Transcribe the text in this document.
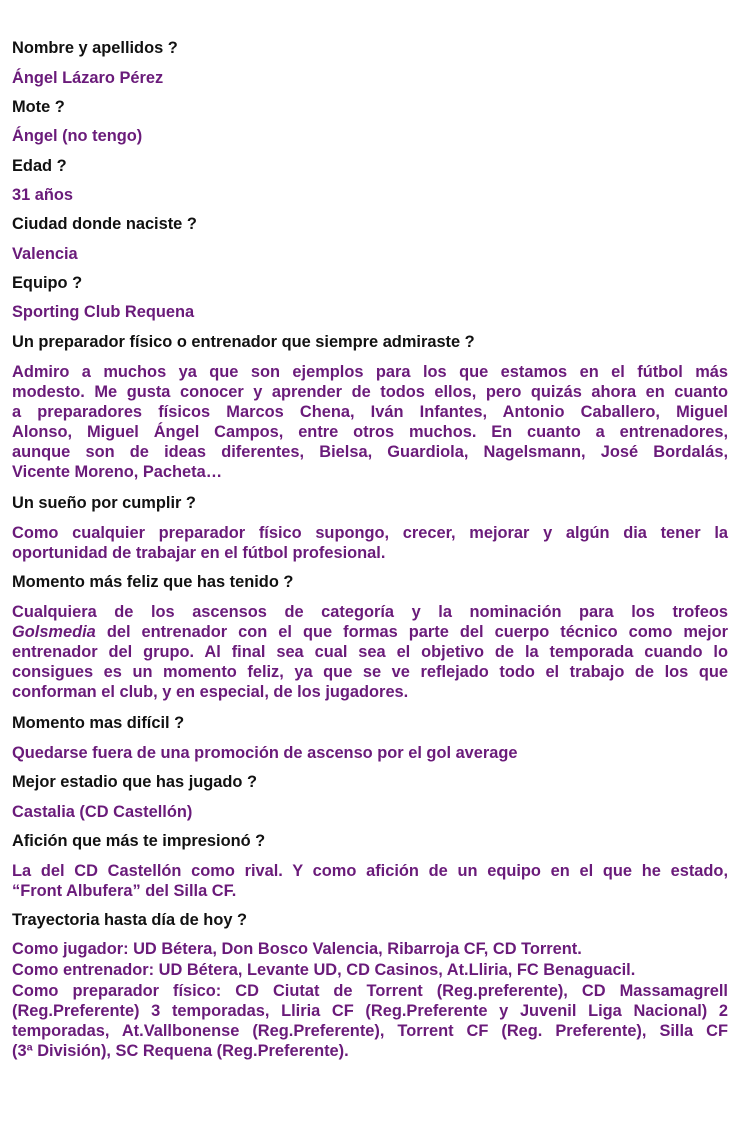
Nombre y apellidos ?

Ángel Lázaro Pérez

Mote ?

Ángel (no tengo)

Edad ?

31 años

Ciudad donde naciste ?

Valencia

Equipo ?

Sporting Club Requena

Un preparador físico o entrenador que siempre admiraste ?

Admiro a muchos ya que son ejemplos para los que estamos en el fútbol más
modesto. Me gusta conocer y aprender de todos ellos, pero quizás ahora en cuanto
a preparadores físicos Marcos Chena, Iván Infantes, Antonio Caballero, Miguel
Alonso, Miguel Ángel Campos, entre otros muchos. En cuanto a entrenadores,
aunque son de ideas diferentes, Bielsa, Guardiola, Nagelsmann, José Bordalás,
Vicente Moreno, Pacheta…

Un sueño por cumplir ?

Como cualquier preparador físico supongo, crecer, mejorar y algún dia tener la
oportunidad de trabajar en el fútbol profesional.

Momento más feliz que has tenido ?

Cualquiera de los ascensos de categoría y la nominación para los trofeos
Golsmedia del entrenador con el que formas parte del cuerpo técnico como mejor
entrenador del grupo. Al final sea cual sea el objetivo de la temporada cuando lo
consigues es un momento feliz, ya que se ve reflejado todo el trabajo de los que
conforman el club, y en especial, de los jugadores.

Momento mas difícil ?

Quedarse fuera de una promoción de ascenso por el gol average

Mejor estadio que has jugado ?

Castalia (CD Castellón)

Afición que más te impresionó ?

La del CD Castellón como rival. Y como afición de un equipo en el que he estado,
“Front Albufera” del Silla CF.

Trayectoria hasta día de hoy ?

Como jugador: UD Bétera, Don Bosco Valencia, Ribarroja CF, CD Torrent.
Como entrenador: UD Bétera, Levante UD, CD Casinos, At.Lliria, FC Benaguacil.
Como preparador físico: CD Ciutat de Torrent (Reg.preferente), CD Massamagrell
(Reg.Preferente) 3 temporadas, Lliria CF (Reg.Preferente y Juvenil Liga Nacional) 2
temporadas, At.Vallbonense (Reg.Preferente), Torrent CF (Reg. Preferente), Silla CF
(3ª División), SC Requena (Reg.Preferente).
